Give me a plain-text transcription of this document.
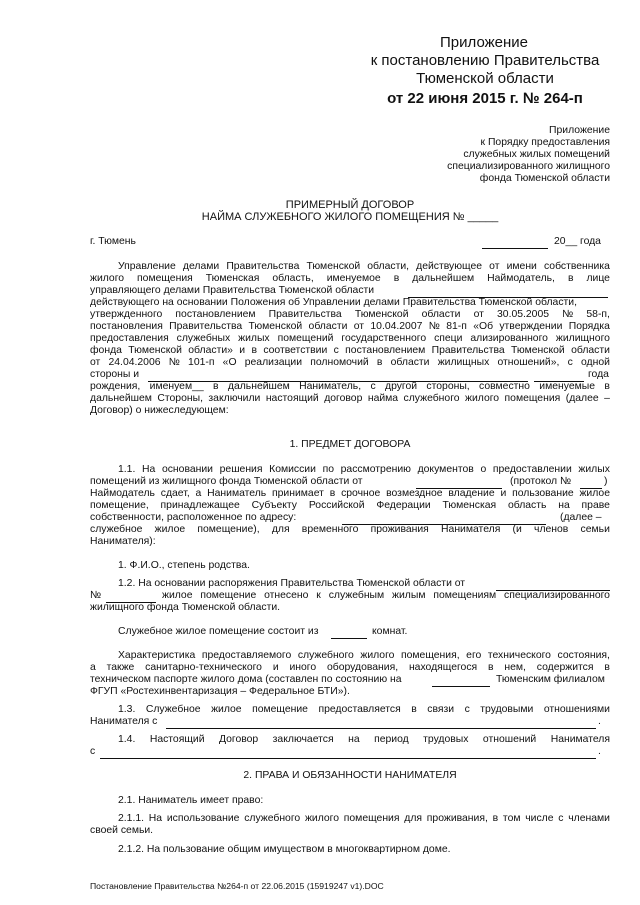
Приложение
к постановлению Правительства
Тюменской области
от 22 июня 2015 г. № 264-п
Приложение
к Порядку предоставления
служебных жилых помещений
специализированного жилищного
фонда Тюменской области
ПРИМЕРНЫЙ ДОГОВОР
НАЙМА СЛУЖЕБНОГО ЖИЛОГО ПОМЕЩЕНИЯ № _____
г. Тюмень	20__ года
Управление делами Правительства Тюменской области, действующее от имени собственника
жилого помещения Тюменская область, именуемое в дальнейшем Наймодатель, в лице
управляющего делами Правительства Тюменской области
действующего на основании Положения об Управлении делами Правительства Тюменской области,
утвержденного постановлением Правительства Тюменской области от 30.05.2005 № 58-п,
постановления Правительства Тюменской области от 10.04.2007 № 81-п «Об утверждении Порядка
предоставления служебных жилых помещений государственного специ ализированного жилищного
фонда Тюменской области» и в соответствии с постановлением Правительства Тюменской области
от 24.04.2006 № 101-п «О реализации полномочий в области жилищных отношений», с одной
стороны и	года
рождения, именуем__ в дальнейшем Наниматель, с другой стороны, совместно именуемые в
дальнейшем Стороны, заключили настоящий договор найма служебного жилого помещения (далее –
Договор) о нижеследующем:
1. ПРЕДМЕТ ДОГОВОРА
1.1. На основании решения Комиссии по рассмотрению документов о предоставлении жилых
помещений из жилищного фонда Тюменской области от	(протокол №	)
Наймодатель сдает, а Наниматель принимает в срочное возмездное владение и пользование жилое
помещение, принадлежащее Субъекту Российской Федерации Тюменская область на праве
собственности, расположенное по адресу:	(далее –
служебное жилое помещение), для временного проживания Нанимателя (и членов семьи
Нанимателя):
1. Ф.И.О., степень родства.
1.2. На основании распоряжения Правительства Тюменской области от
№	жилое помещение отнесено к служебным жилым помещениям специализированного
жилищного фонда Тюменской области.
Служебное жилое помещение состоит из	комнат.
Характеристика предоставляемого служебного жилого помещения, его технического состояния,
а также санитарно-технического и иного оборудования, находящегося в нем, содержится в
техническом паспорте жилого дома (составлен по состоянию на	Тюменским филиалом
ФГУП «Ростехинвентаризация – Федеральное БТИ»).
1.3. Служебное жилое помещение предоставляется в связи с трудовыми отношениями
Нанимателя с	.
1.4. Настоящий Договор заключается на период трудовых отношений Нанимателя
с	.
2. ПРАВА И ОБЯЗАННОСТИ НАНИМАТЕЛЯ
2.1. Наниматель имеет право:
2.1.1. На использование служебного жилого помещения для проживания, в том числе с членами
своей семьи.
2.1.2. На пользование общим имуществом в многоквартирном доме.
Постановление Правительства №264-п от 22.06.2015 (15919247 v1).DOC
